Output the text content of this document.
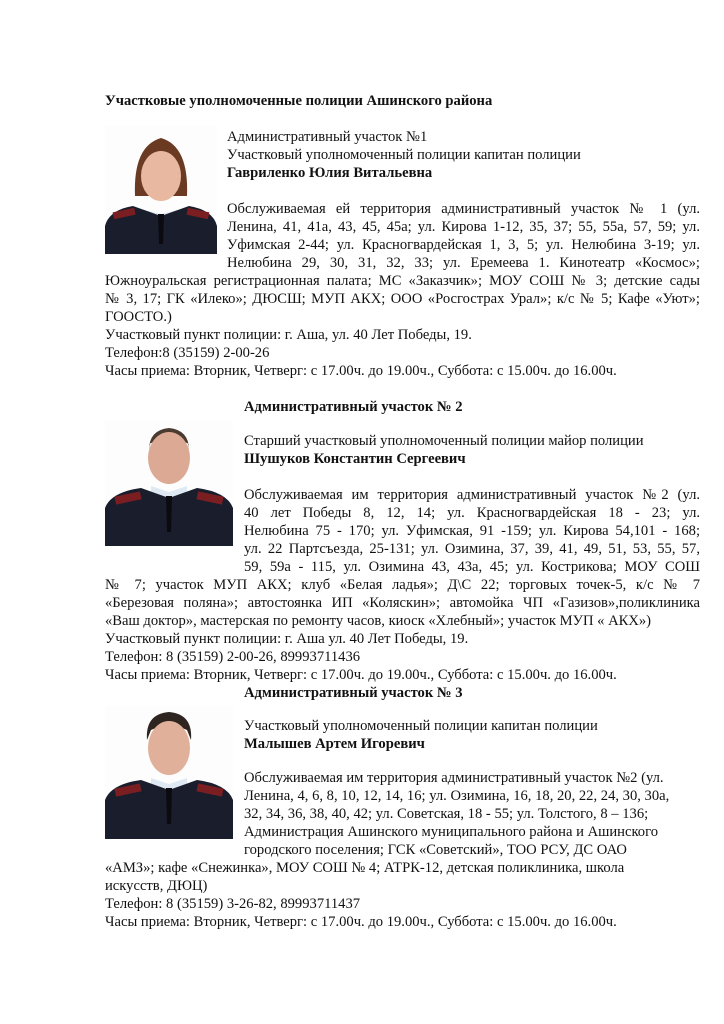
Участковые уполномоченные полиции Ашинского района
Административный участок №1
Участковый уполномоченный полиции капитан полиции
Гавриленко Юлия Витальевна
Обслуживаемая ей территория административный участок № 1 (ул.
Ленина, 41, 41а, 43, 45, 45а; ул. Кирова 1-12, 35, 37; 55, 55а, 57, 59; ул.
Уфимская 2-44; ул. Красногвардейская 1, 3, 5; ул. Нелюбина 3-19; ул.
Нелюбина 29, 30, 31, 32, 33; ул. Еремеева 1. Кинотеатр «Космос»;
Южноуральская регистрационная палата; МС «Заказчик»; МОУ СОШ № 3; детские сады
№ 3, 17; ГК «Илеко»; ДЮСШ; МУП АКХ; ООО «Росгострах Урал»; к/с № 5; Кафе «Уют»;
ГООСТО.)
Участковый пункт полиции: г. Аша, ул. 40 Лет Победы, 19.
Телефон:8 (35159) 2-00-26
Часы приема: Вторник, Четверг: с 17.00ч. до 19.00ч., Суббота: с 15.00ч. до 16.00ч.
Административный участок № 2
Старший участковый уполномоченный полиции майор полиции
Шушуков Константин Сергеевич
Обслуживаемая им территория административный участок №2 (ул.
40 лет Победы 8, 12, 14; ул. Красногвардейская 18 - 23; ул.
Нелюбина 75 - 170; ул. Уфимская, 91 -159; ул. Кирова 54,101 - 168;
ул. 22 Партсъезда, 25-131; ул. Озимина, 37, 39, 41, 49, 51, 53, 55, 57,
59, 59а - 115, ул. Озимина 43, 43а, 45; ул. Кострикова; МОУ СОШ
№ 7; участок МУП АКХ; клуб «Белая ладья»; Д\С 22; торговых точек-5, к/с № 7
«Березовая поляна»; автостоянка ИП «Коляскин»; автомойка ЧП «Газизов»,поликлиника
«Ваш доктор», мастерская по ремонту часов, киоск «Хлебный»; участок МУП « АКХ»)
Участковый пункт полиции: г. Аша ул. 40 Лет Победы, 19.
Телефон: 8 (35159) 2-00-26, 89993711436
Часы приема: Вторник, Четверг: с 17.00ч. до 19.00ч., Суббота: с 15.00ч. до 16.00ч.
Административный участок № 3
Участковый уполномоченный полиции капитан полиции
Малышев Артем Игоревич
Обслуживаемая им территория административный участок №2 (ул.
Ленина, 4, 6, 8, 10, 12, 14, 16; ул. Озимина, 16, 18, 20, 22, 24, 30, 30а,
32, 34, 36, 38, 40, 42; ул. Советская, 18 - 55; ул. Толстого, 8 – 136;
Администрация Ашинского муниципального района и Ашинского
городского поселения; ГСК «Советский», ТОО РСУ, ДС ОАО
«АМЗ»; кафе «Снежинка», МОУ СОШ № 4; АТРК-12, детская поликлиника, школа
искусств, ДЮЦ)
Телефон: 8 (35159) 3-26-82, 89993711437
Часы приема: Вторник, Четверг: с 17.00ч. до 19.00ч., Суббота: с 15.00ч. до 16.00ч.
